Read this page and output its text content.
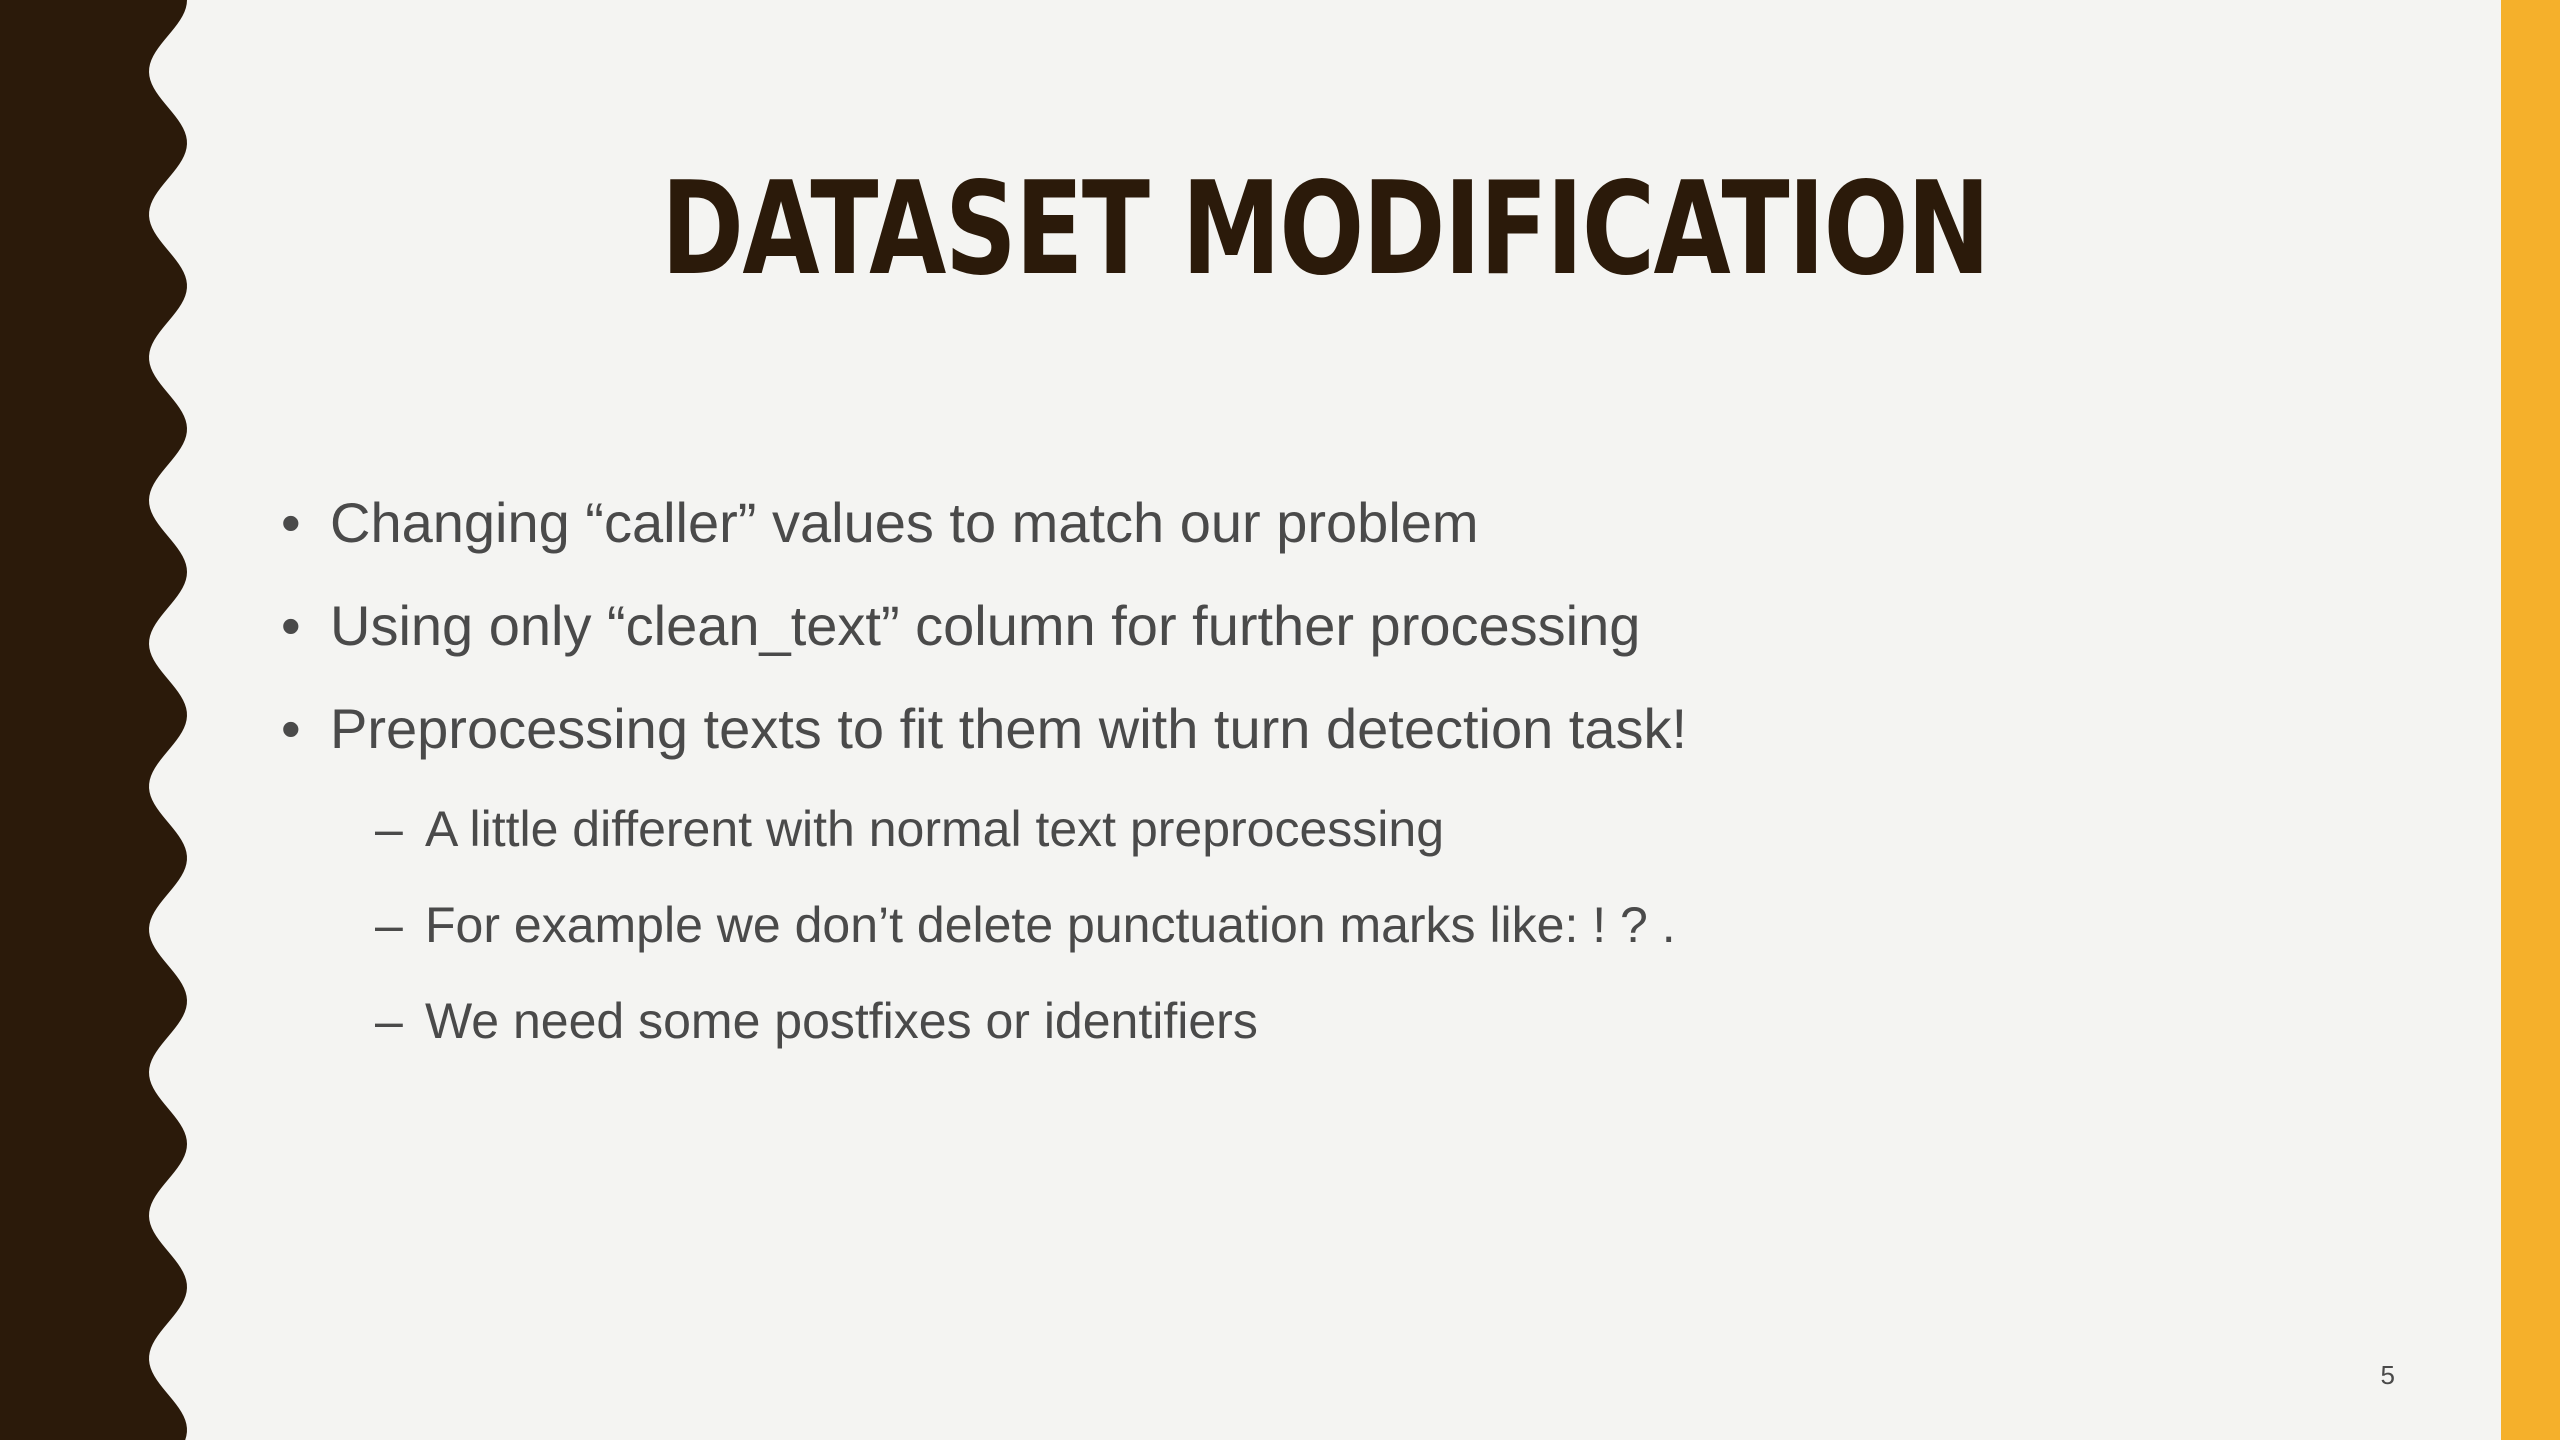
DATASET MODIFICATION
• Changing “caller” values to match our problem
• Using only “clean_text” column for further processing
• Preprocessing texts to fit them with turn detection task!
– A little different with normal text preprocessing
– For example we don’t delete punctuation marks like: ! ? .
– We need some postfixes or identifiers
5
